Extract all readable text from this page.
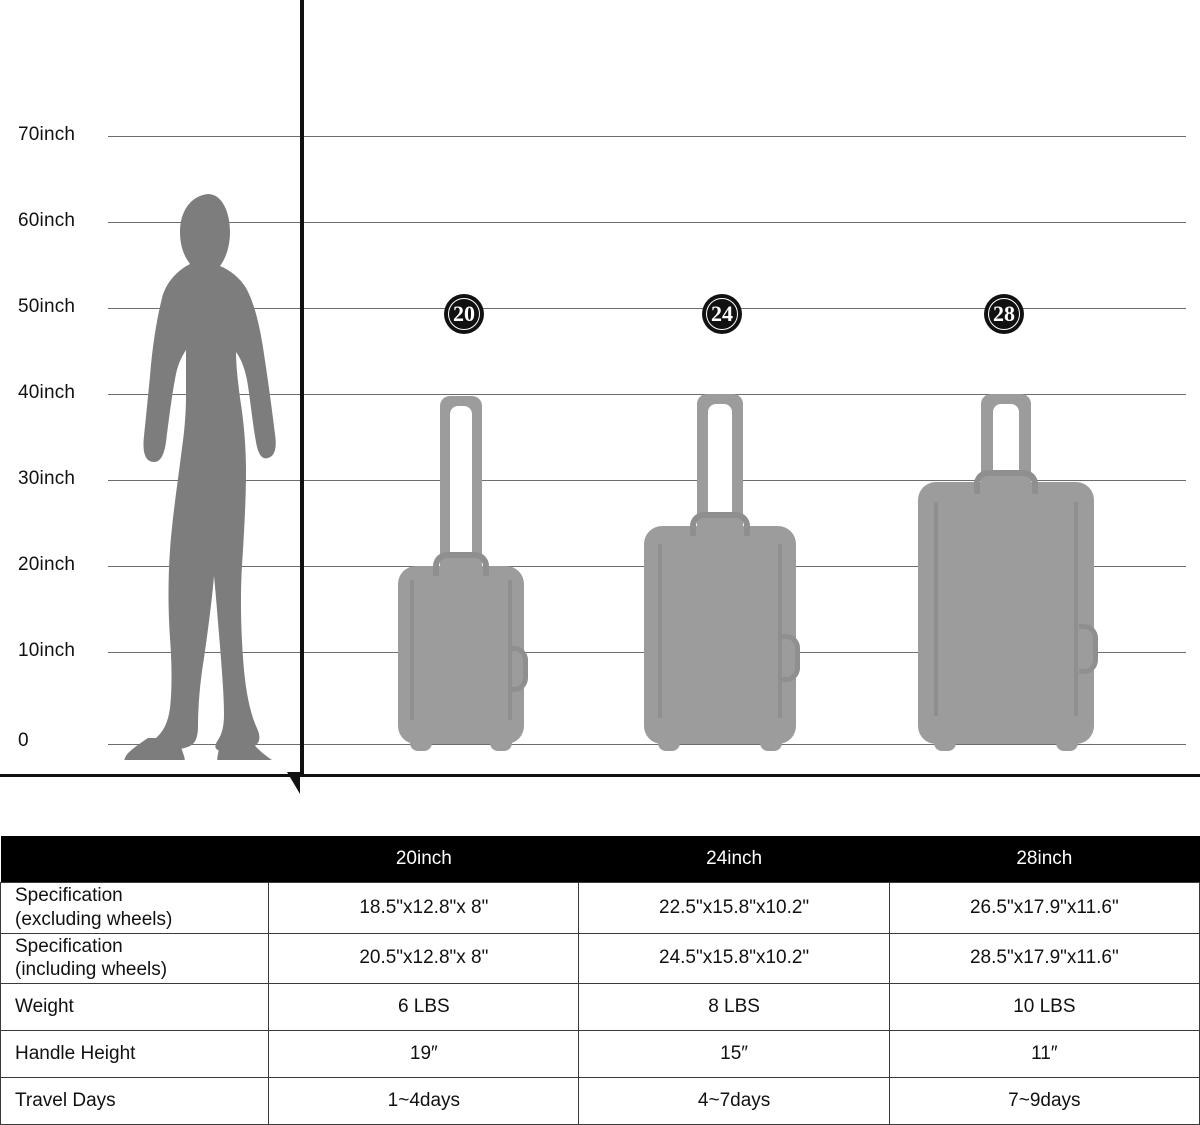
70inch
60inch
50inch
40inch
30inch
20inch
10inch
0
20	24	28
	20inch	24inch	28inch

Specification
(excluding wheels)	18.5"x12.8"x 8"	22.5"x15.8"x10.2"	26.5"x17.9"x11.6"

Specification
(including wheels)	20.5"x12.8"x 8"	24.5"x15.8"x10.2"	28.5"x17.9"x11.6"
Weight	6 LBS	8 LBS	10 LBS
Handle Height	19″	15″	11″
Travel Days	1~4days	4~7days	7~9days
